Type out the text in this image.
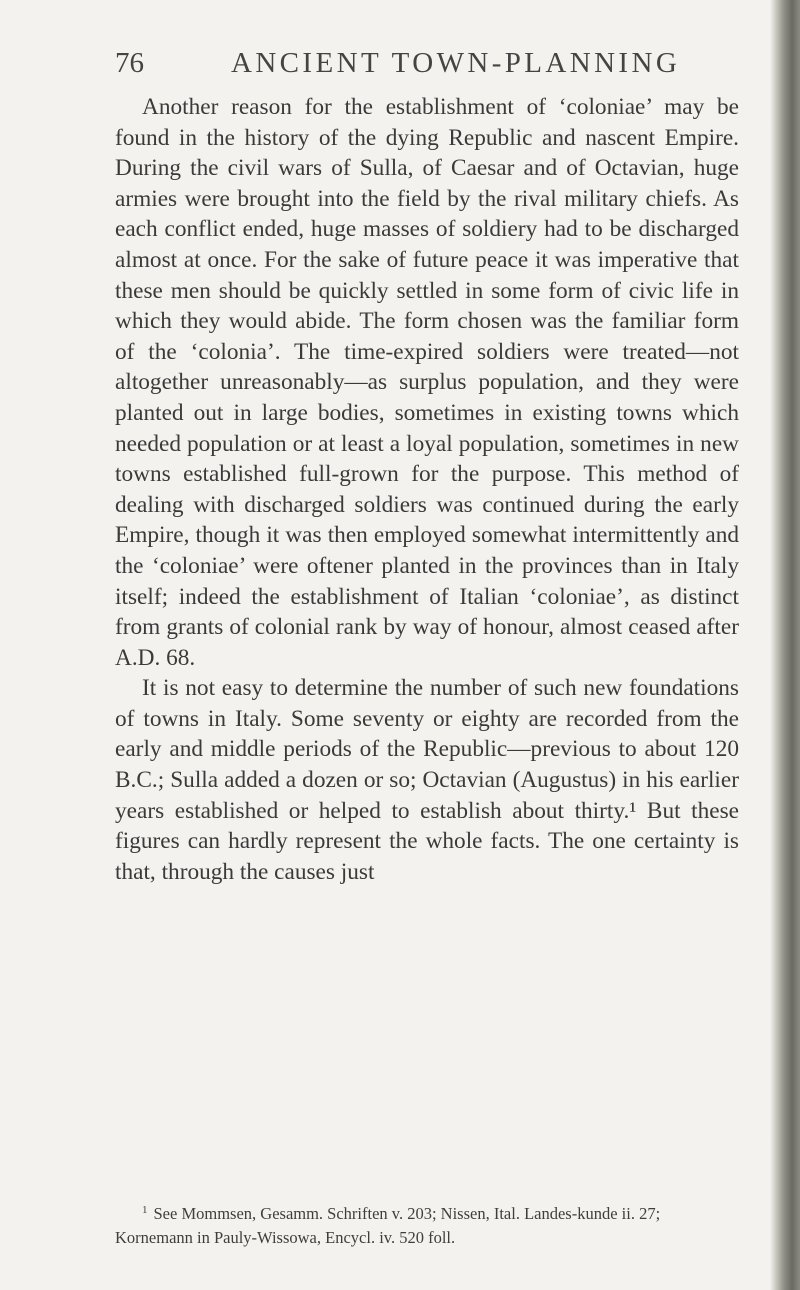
76	ANCIENT TOWN-PLANNING

Another reason for the establishment of ‘coloniae’ may be found in the history of the dying Republic and nascent Empire. During the civil wars of Sulla, of Caesar and of Octavian, huge armies were brought into the field by the rival military chiefs. As each conflict ended, huge masses of soldiery had to be discharged almost at once. For the sake of future peace it was imperative that these men should be quickly settled in some form of civic life in which they would abide. The form chosen was the familiar form of the ‘colonia’. The time-expired soldiers were treated—not altogether unreasonably—as surplus population, and they were planted out in large bodies, sometimes in existing towns which needed population or at least a loyal population, sometimes in new towns established full-grown for the purpose. This method of dealing with discharged soldiers was continued during the early Empire, though it was then employed somewhat intermittently and the ‘coloniae’ were oftener planted in the provinces than in Italy itself; indeed the establishment of Italian ‘coloniae’, as distinct from grants of colonial rank by way of honour, almost ceased after A.D. 68.

It is not easy to determine the number of such new foundations of towns in Italy. Some seventy or eighty are recorded from the early and middle periods of the Republic—previous to about 120 B.C.; Sulla added a dozen or so; Octavian (Augustus) in his earlier years established or helped to establish about thirty.¹ But these figures can hardly represent the whole facts. The one certainty is that, through the causes just

$^1$ See Mommsen, Gesamm. Schriften v. 203; Nissen, Ital. Landes-kunde ii. 27; Kornemann in Pauly-Wissowa, Encycl. iv. 520 foll.
